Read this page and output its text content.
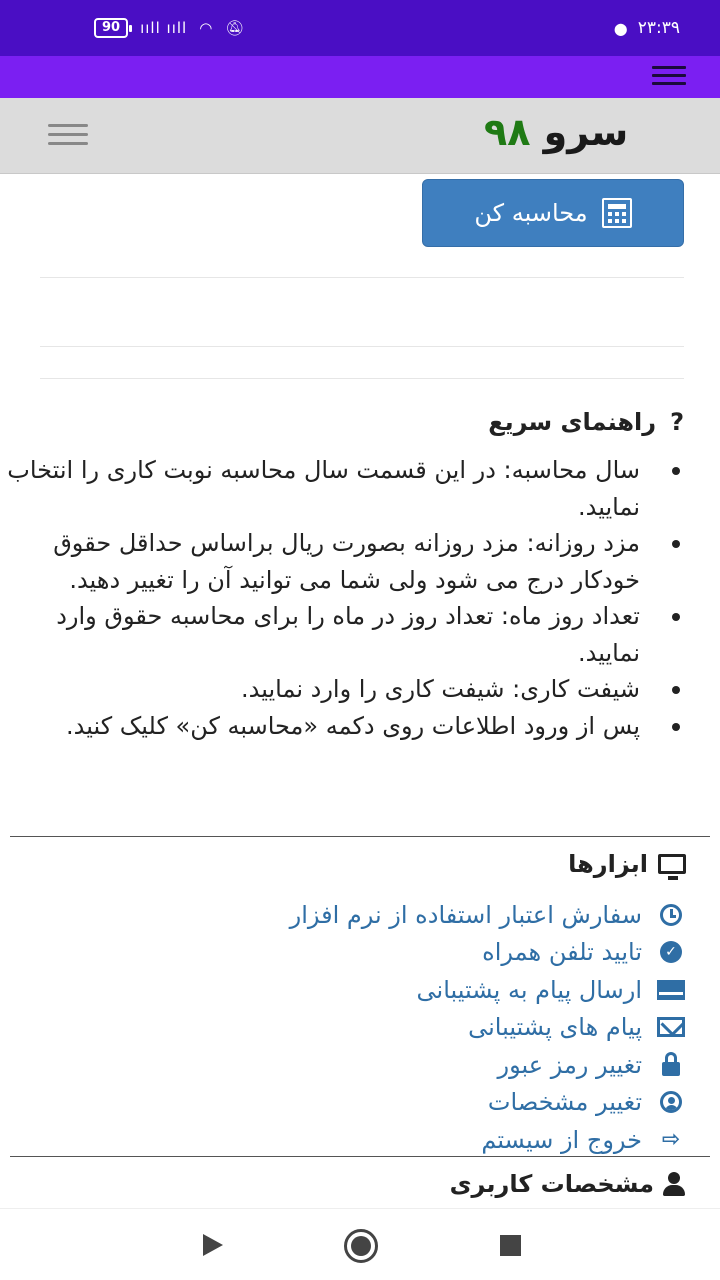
90	ııll ııll ◠ 🔕︎	● ۲۳:۳۹
سرو ۹۸
محاسبه کن
?
راهنمای سریع
سال محاسبه: در این قسمت سال محاسبه نوبت کاری را انتخاب نمایید.
مزد روزانه: مزد روزانه بصورت ریال براساس حداقل حقوق خودکار درج می شود ولی شما می توانید آن را تغییر دهید.
تعداد روز ماه: تعداد روز در ماه را برای محاسبه حقوق وارد نمایید.
شیفت کاری: شیفت کاری را وارد نمایید.
پس از ورود اطلاعات روی دکمه «محاسبه کن» کلیک کنید.
ابزارها
سفارش اعتبار استفاده از نرم افزار
✓
تایید تلفن همراه
ارسال پیام به پشتیبانی
پیام های پشتیبانی
تغییر رمز عبور
تغییر مشخصات
⇨
خروج از سیستم
مشخصات کاربری
